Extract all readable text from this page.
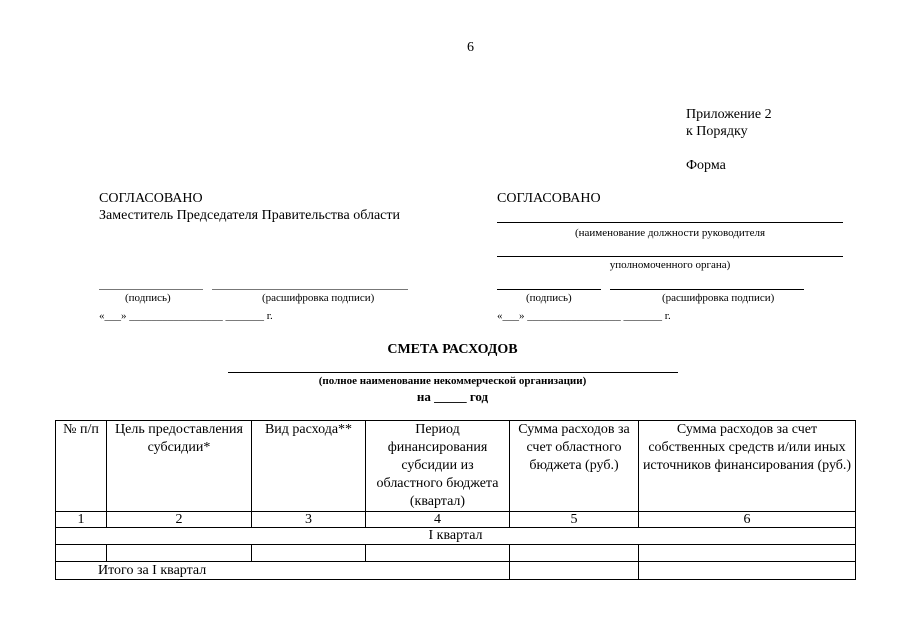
6
Приложение 2
к Порядку
Форма
СОГЛАСОВАНО
Заместитель Председателя Правительства области
(подпись)	(расшифровка подписи)
«___» _________________ _______ г.
СОГЛАСОВАНО
(наименование должности руководителя
уполномоченного органа)
(подпись)	(расшифровка подписи)
«___» _________________ _______ г.
СМЕТА РАСХОДОВ
(полное наименование некоммерческой организации)
на _____ год
№ п/п	Цель предоставления субсидии*	Вид расхода**	Период финансирования субсидии из областного бюджета (квартал)	Сумма расходов за счет областного бюджета (руб.)	Сумма расходов за счет собственных средств и/или иных источников финансирования (руб.)
1	2	3	4	5	6
I квартал					

Итого за I квартал					
